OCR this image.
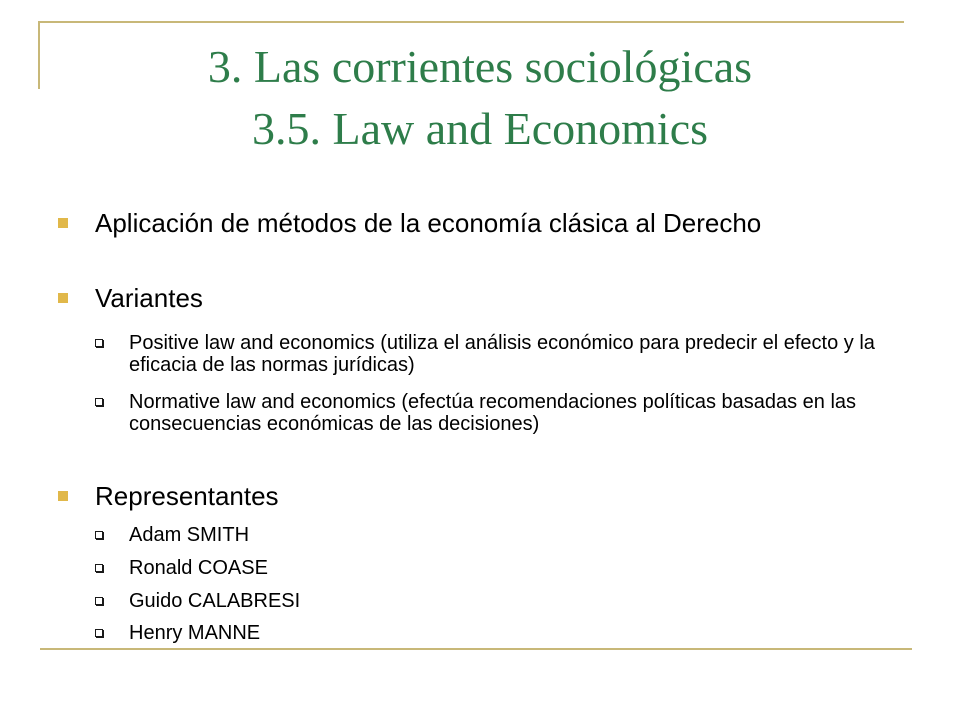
3. Las corrientes sociológicas
3.5. Law and Economics
Aplicación de métodos de la economía clásica al Derecho
Variantes
Positive law and economics (utiliza el análisis económico para predecir el efecto y la eficacia de las normas jurídicas)
Normative law and economics (efectúa recomendaciones políticas basadas en las consecuencias económicas de las decisiones)
Representantes
Adam SMITH
Ronald COASE
Guido CALABRESI
Henry MANNE
